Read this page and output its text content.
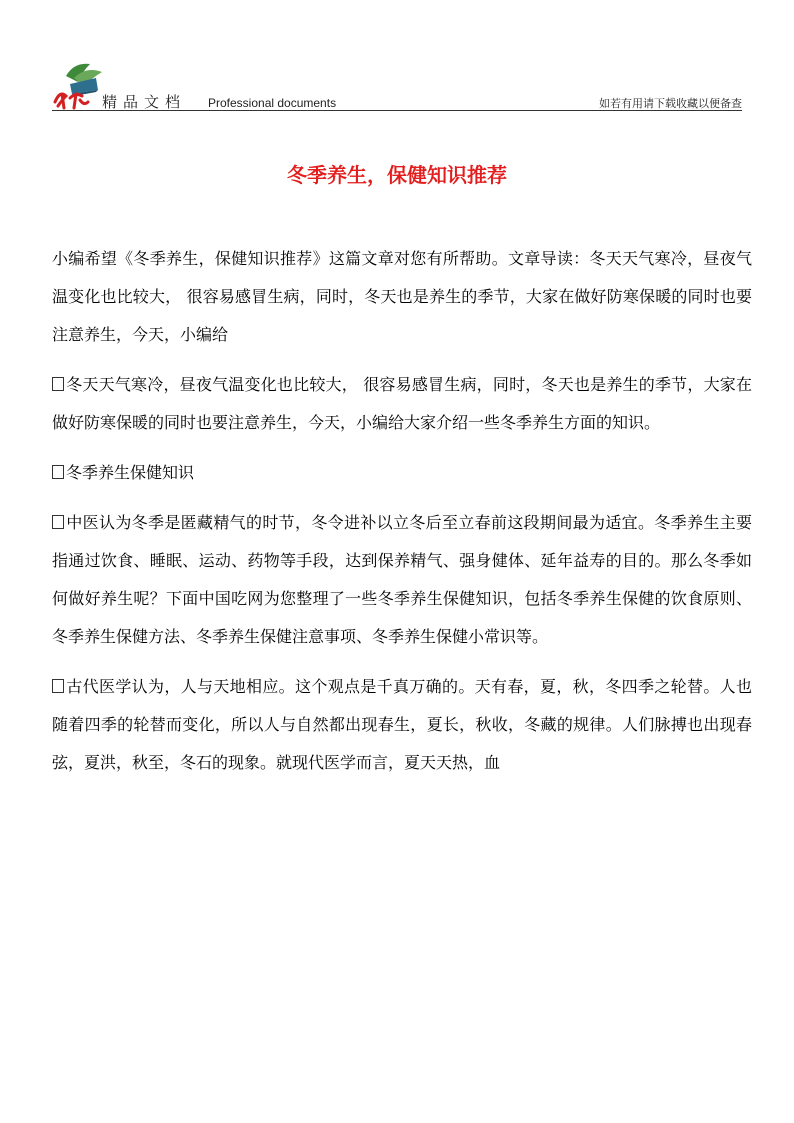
精品文档 Professional documents	如若有用请下载收藏以便备查
冬季养生，保健知识推荐

小编希望《冬季养生，保健知识推荐》这篇文章对您有所帮助。文章导读：冬天天气寒冷，昼夜气温变化也比较大， 很容易感冒生病，同时，冬天也是养生的季节，大家在做好防寒保暖的同时也要注意养生，今天，小编给

冬天天气寒冷，昼夜气温变化也比较大， 很容易感冒生病，同时，冬天也是养生的季节，大家在做好防寒保暖的同时也要注意养生，今天，小编给大家介绍一些冬季养生方面的知识。

冬季养生保健知识

中医认为冬季是匿藏精气的时节，冬令进补以立冬后至立春前这段期间最为适宜。冬季养生主要指通过饮食、睡眠、运动、药物等手段，达到保养精气、强身健体、延年益寿的目的。那么冬季如何做好养生呢？下面中国吃网为您整理了一些冬季养生保健知识，包括冬季养生保健的饮食原则、冬季养生保健方法、冬季养生保健注意事项、冬季养生保健小常识等。

古代医学认为，人与天地相应。这个观点是千真万确的。天有春，夏，秋，冬四季之轮替。人也随着四季的轮替而变化，所以人与自然都出现春生，夏长，秋收，冬藏的规律。人们脉搏也出现春弦，夏洪，秋至，冬石的现象。就现代医学而言，夏天天热，血
